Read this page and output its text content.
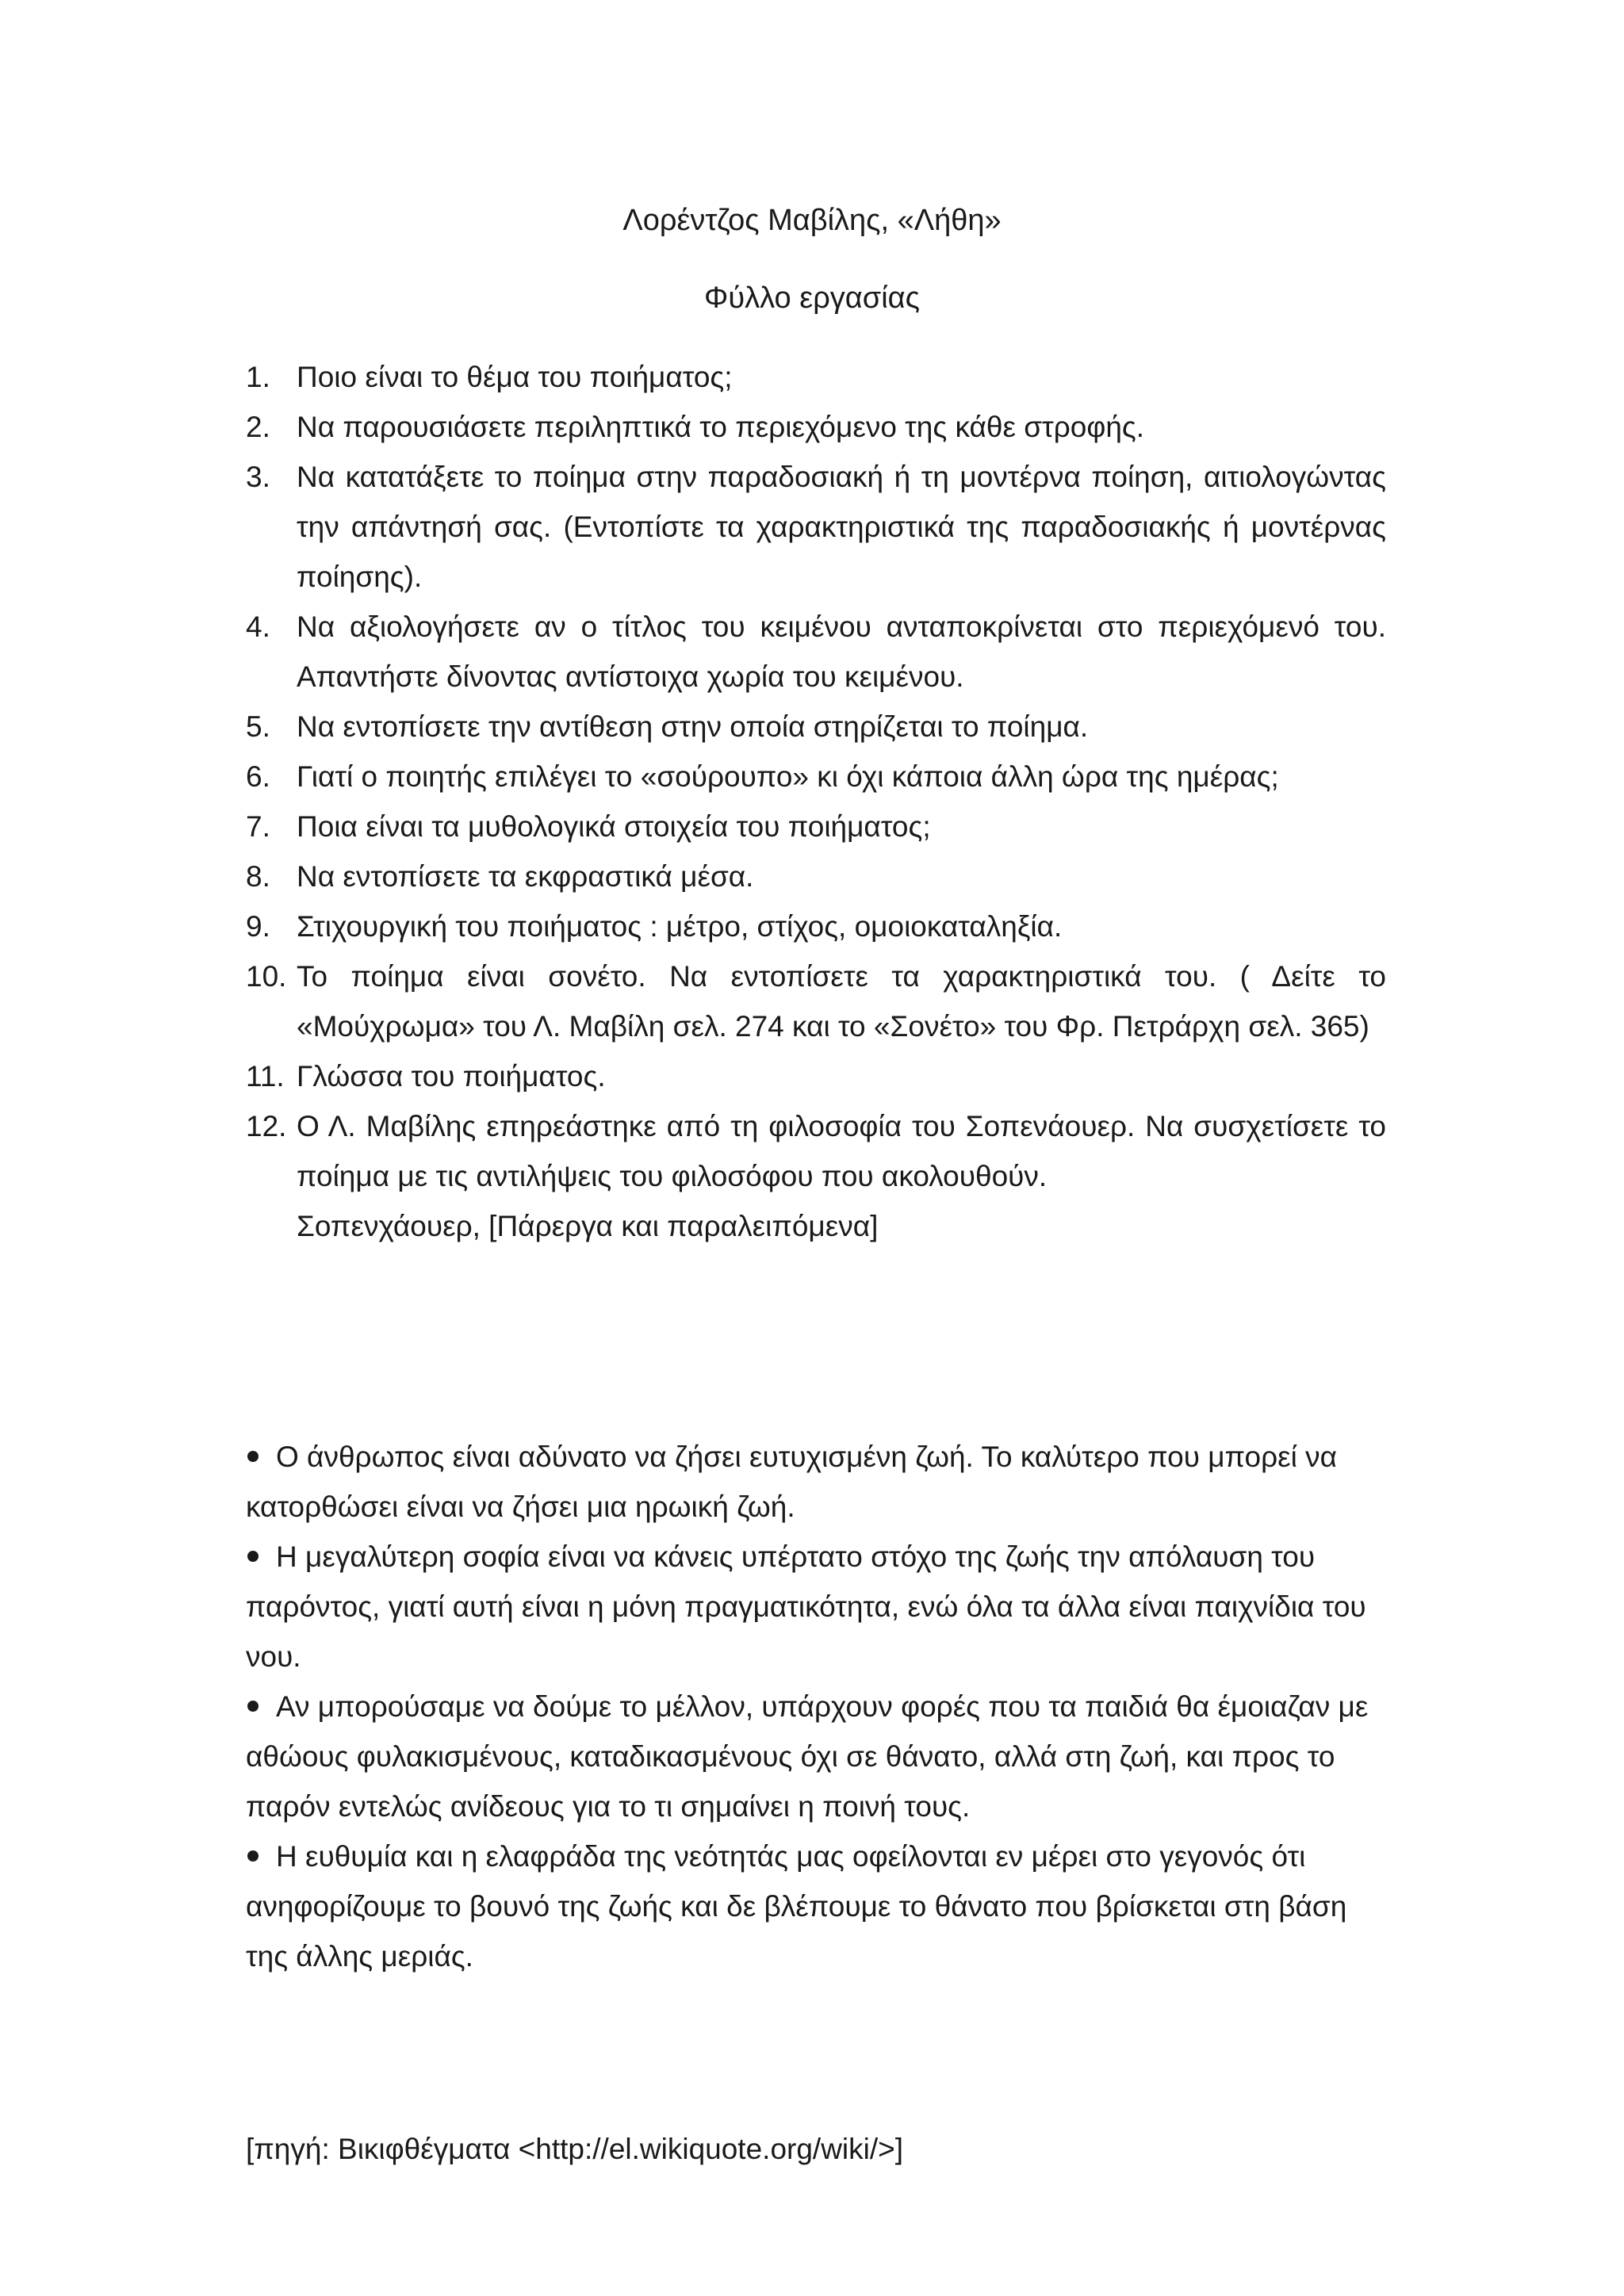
Λορέντζος Μαβίλης, «Λήθη»
Φύλλο εργασίας
1. Ποιο είναι το θέμα του ποιήματος;
2. Να παρουσιάσετε περιληπτικά το περιεχόμενο της κάθε στροφής.
3. Να κατατάξετε το ποίημα στην παραδοσιακή ή τη μοντέρνα ποίηση, αιτιολογώντας την απάντησή σας. (Εντοπίστε τα χαρακτηριστικά της παραδοσιακής ή μοντέρνας ποίησης).
4. Να αξιολογήσετε αν ο τίτλος του κειμένου ανταποκρίνεται στο περιεχόμενό του. Απαντήστε δίνοντας αντίστοιχα χωρία του κειμένου.
5. Να εντοπίσετε την αντίθεση στην οποία στηρίζεται το ποίημα.
6. Γιατί ο ποιητής επιλέγει το «σούρουπο» κι όχι κάποια άλλη ώρα της ημέρας;
7. Ποια είναι τα μυθολογικά στοιχεία του ποιήματος;
8. Να εντοπίσετε τα εκφραστικά μέσα.
9. Στιχουργική του ποιήματος : μέτρο, στίχος, ομοιοκαταληξία.
10. Το ποίημα είναι σονέτο. Να εντοπίσετε τα χαρακτηριστικά του. ( Δείτε το «Μούχρωμα» του Λ. Μαβίλη σελ. 274 και το «Σονέτο» του Φρ. Πετράρχη σελ. 365)
11. Γλώσσα του ποιήματος.
12. Ο Λ. Μαβίλης επηρεάστηκε από τη φιλοσοφία του Σοπενάουερ. Να συσχετίσετε το ποίημα με τις αντιλήψεις του φιλοσόφου που ακολουθούν.
Σοπενχάουερ, [Πάρεργα και παραλειπόμενα]

Ο άνθρωπος είναι αδύνατο να ζήσει ευτυχισμένη ζωή. Το καλύτερο που μπορεί να κατορθώσει είναι να ζήσει μια ηρωική ζωή.

Η μεγαλύτερη σοφία είναι να κάνεις υπέρτατο στόχο της ζωής την απόλαυση του παρόντος, γιατί αυτή είναι η μόνη πραγματικότητα, ενώ όλα τα άλλα είναι παιχνίδια του νου.

Αν μπορούσαμε να δούμε το μέλλον, υπάρχουν φορές που τα παιδιά θα έμοιαζαν με αθώους φυλακισμένους, καταδικασμένους όχι σε θάνατο, αλλά στη ζωή, και προς το παρόν εντελώς ανίδεους για το τι σημαίνει η ποινή τους.

Η ευθυμία και η ελαφράδα της νεότητάς μας οφείλονται εν μέρει στο γεγονός ότι ανηφορίζουμε το βουνό της ζωής και δε βλέπουμε το θάνατο που βρίσκεται στη βάση της άλλης μεριάς.

[πηγή: Βικιφθέγματα <http://el.wikiquote.org/wiki/>]
